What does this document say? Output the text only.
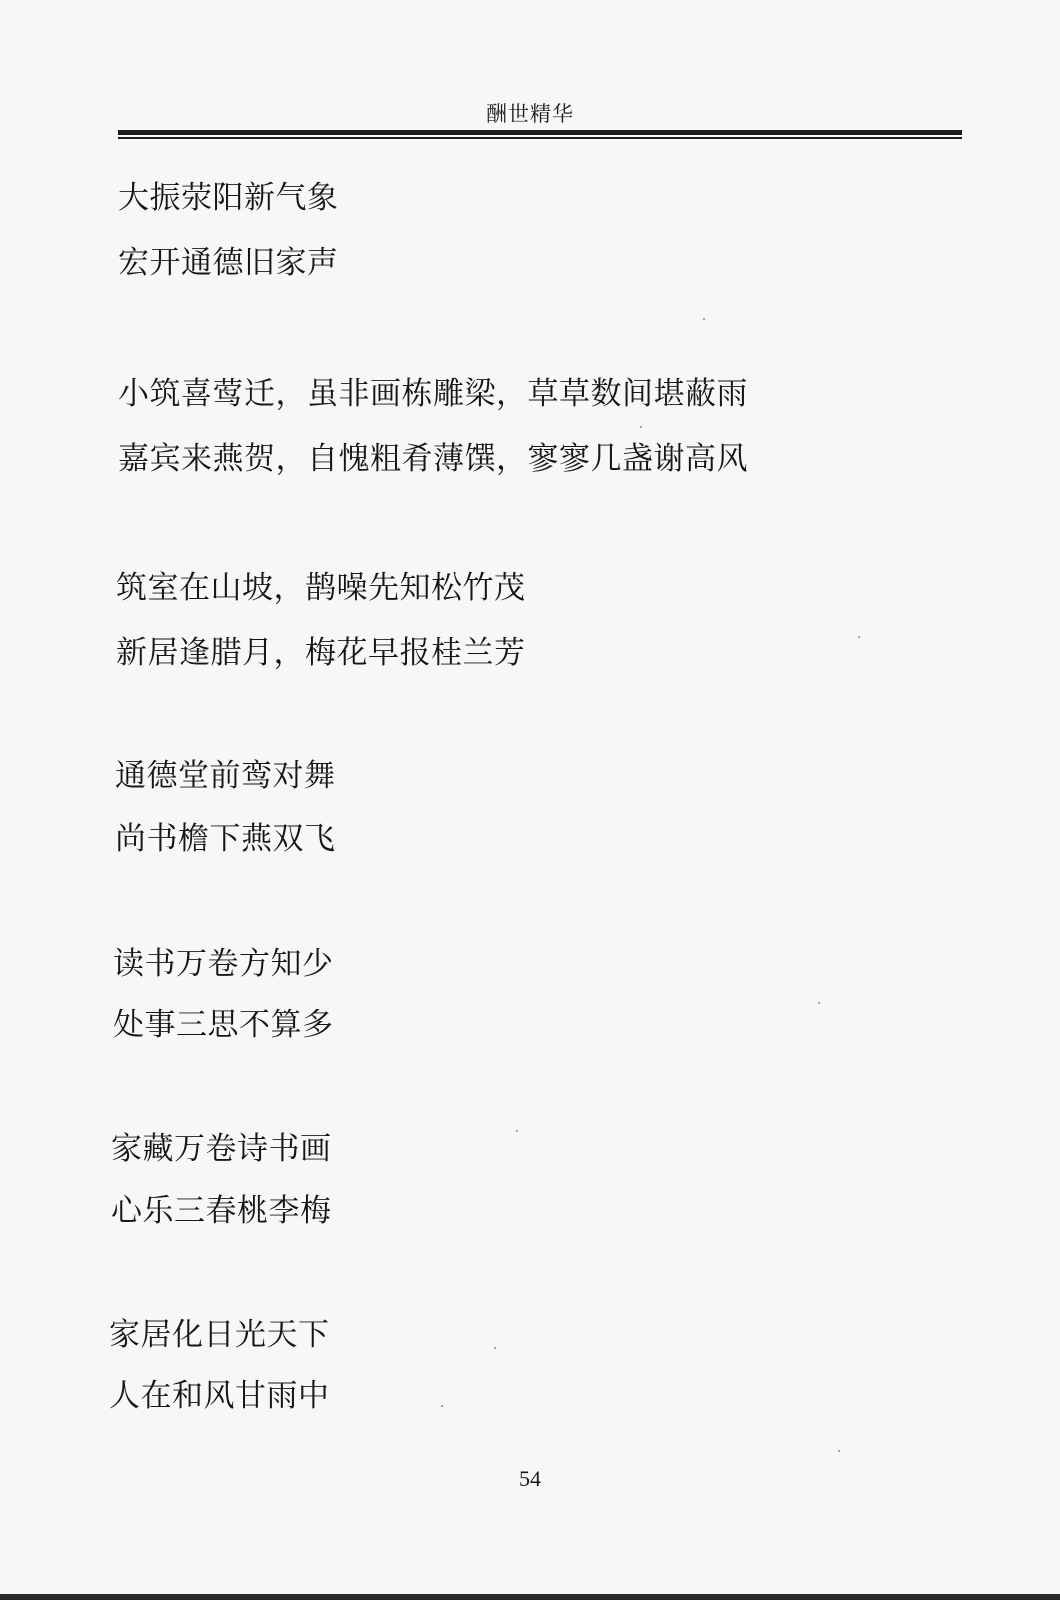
酬世精华
大振荥阳新气象
宏开通德旧家声
小筑喜莺迁，虽非画栋雕梁，草草数间堪蔽雨
嘉宾来燕贺，自愧粗肴薄馔，寥寥几盏谢高风
筑室在山坡，鹊噪先知松竹茂
新居逢腊月，梅花早报桂兰芳
通德堂前鸾对舞
尚书檐下燕双飞
读书万卷方知少
处事三思不算多
家藏万卷诗书画
心乐三春桃李梅
家居化日光天下
人在和风甘雨中
54
